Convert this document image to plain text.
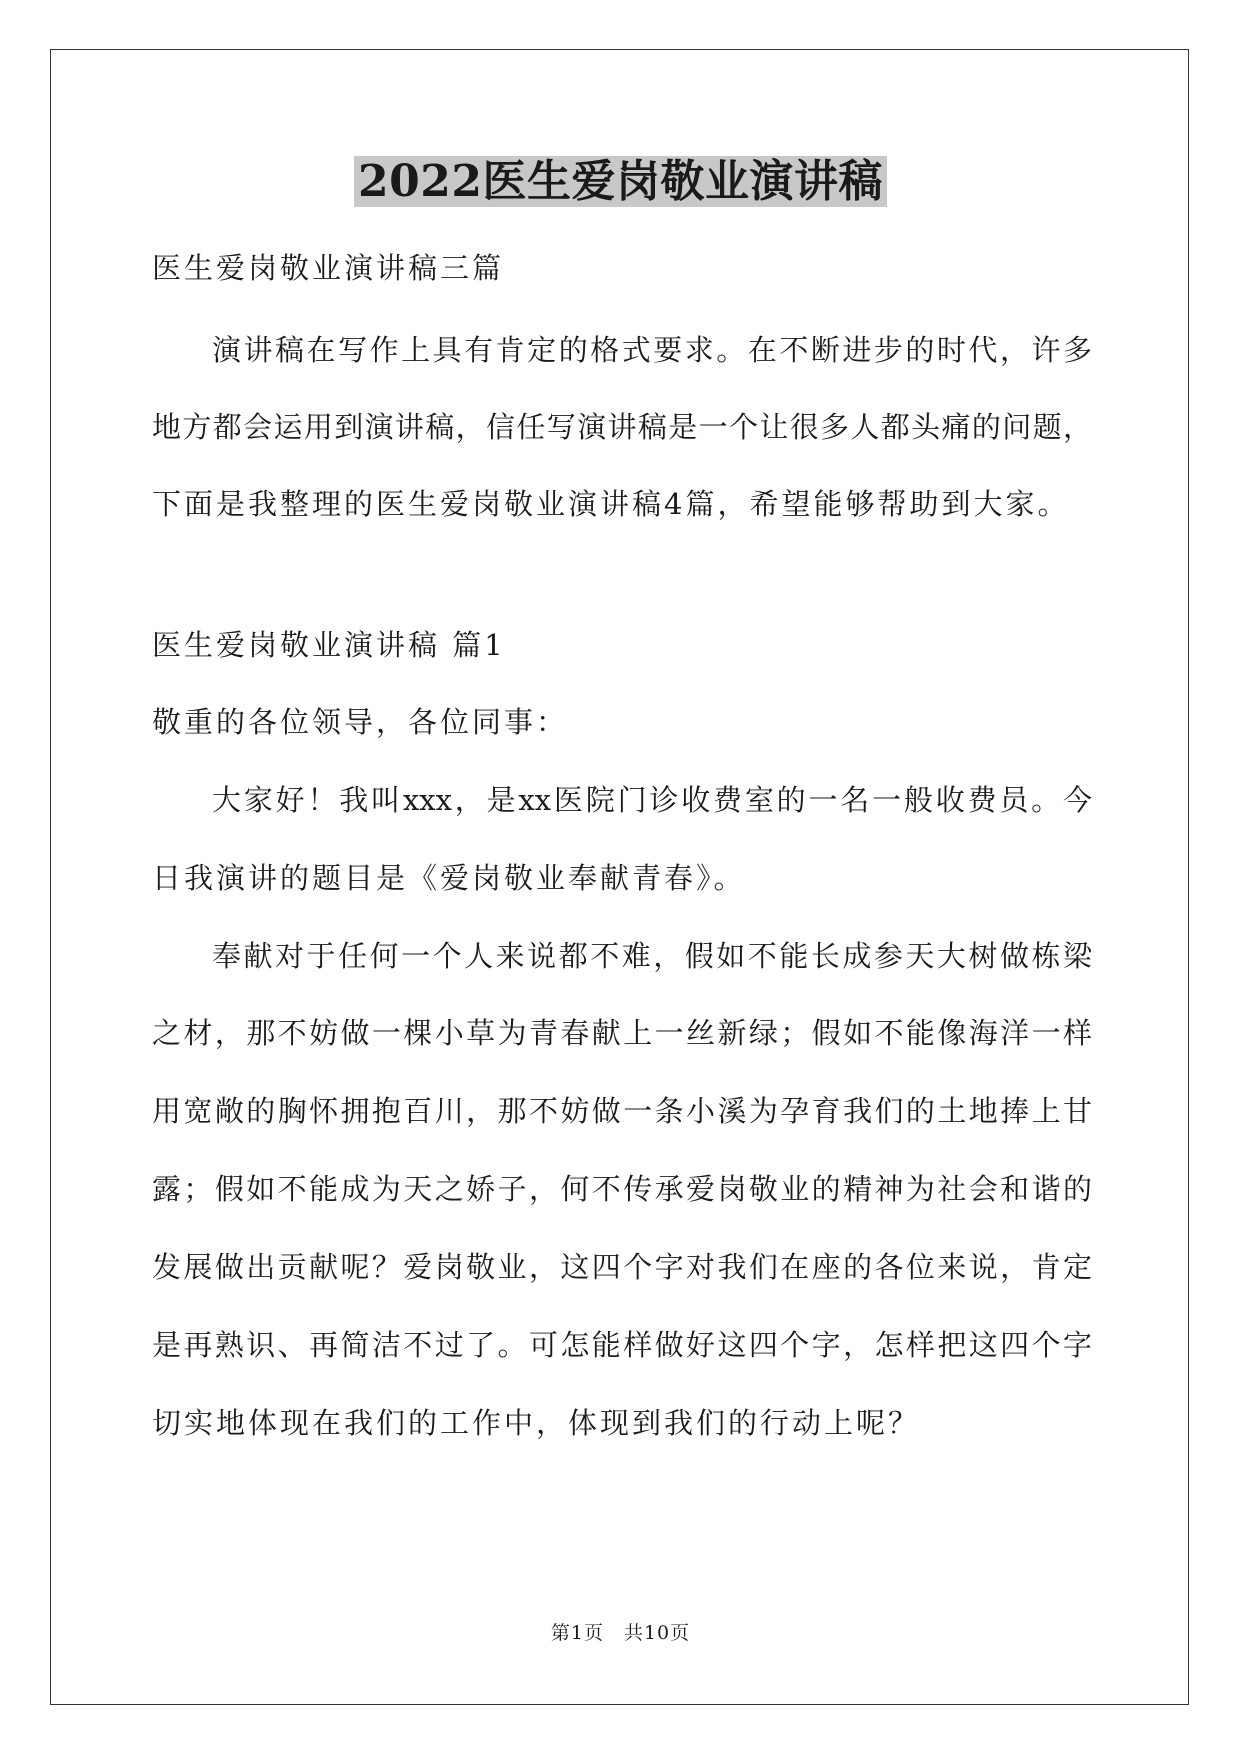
2022医生爱岗敬业演讲稿
医生爱岗敬业演讲稿三篇
演讲稿在写作上具有肯定的格式要求。在不断进步的时代，许多
地方都会运用到演讲稿，信任写演讲稿是一个让很多人都头痛的问题，
下面是我整理的医生爱岗敬业演讲稿4篇，希望能够帮助到大家。
医生爱岗敬业演讲稿 篇1
敬重的各位领导，各位同事：
大家好！我叫xxx，是xx医院门诊收费室的一名一般收费员。今
日我演讲的题目是《爱岗敬业奉献青春》。
奉献对于任何一个人来说都不难，假如不能长成参天大树做栋梁
之材，那不妨做一棵小草为青春献上一丝新绿；假如不能像海洋一样
用宽敞的胸怀拥抱百川，那不妨做一条小溪为孕育我们的土地捧上甘
露；假如不能成为天之娇子，何不传承爱岗敬业的精神为社会和谐的
发展做出贡献呢？爱岗敬业，这四个字对我们在座的各位来说，肯定
是再熟识、再简洁不过了。可怎能样做好这四个字，怎样把这四个字
切实地体现在我们的工作中，体现到我们的行动上呢？
第1页　共10页
